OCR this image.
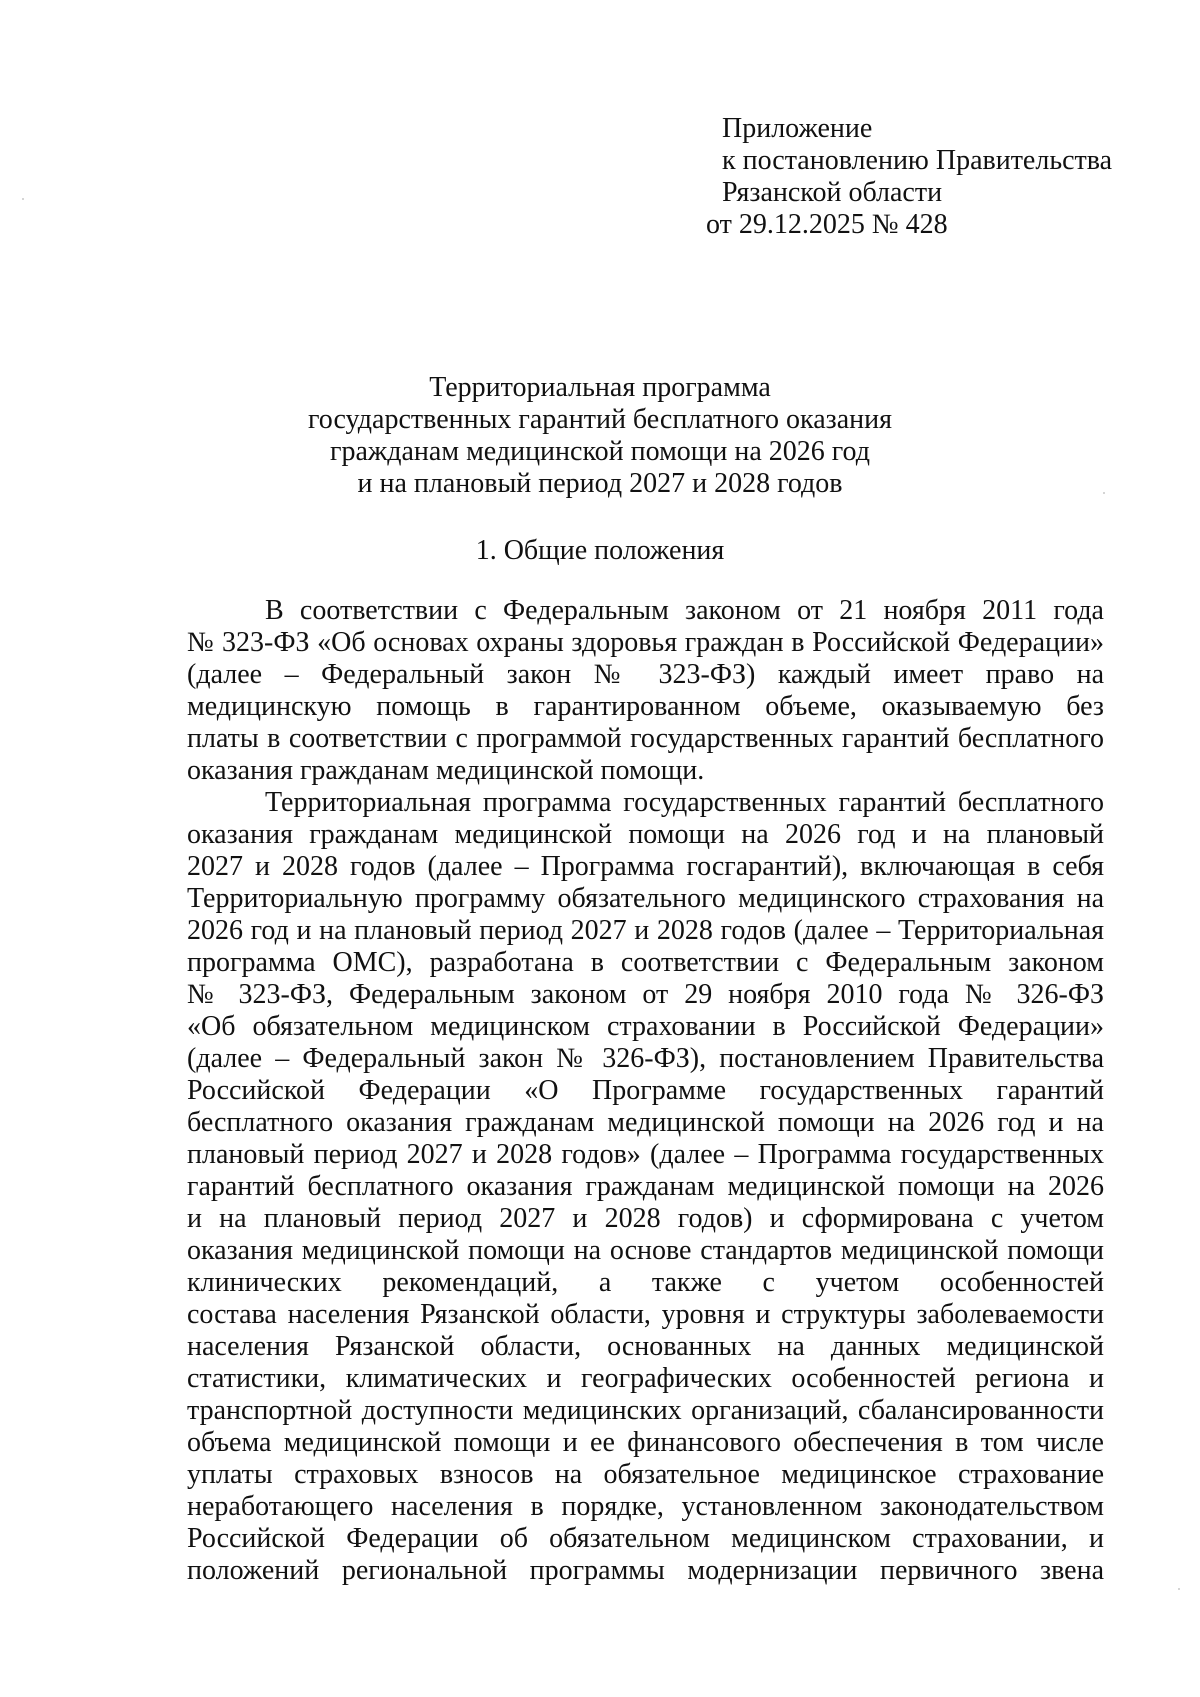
Приложение
к постановлению Правительства
Рязанской области
от 29.12.2025 № 428
Территориальная программа
государственных гарантий бесплатного оказания
гражданам медицинской помощи на 2026 год
и на плановый период 2027 и 2028 годов
1. Общие положения
В соответствии с Федеральным законом от 21 ноября 2011 года
№ 323-ФЗ «Об основах охраны здоровья граждан в Российской Федерации»
(далее – Федеральный закон № 323-ФЗ) каждый имеет право на
медицинскую помощь в гарантированном объеме, оказываемую без
платы в соответствии с программой государственных гарантий бесплатного
оказания гражданам медицинской помощи.
Территориальная программа государственных гарантий бесплатного
оказания гражданам медицинской помощи на 2026 год и на плановый
2027 и 2028 годов (далее – Программа госгарантий), включающая в себя
Территориальную программу обязательного медицинского страхования на
2026 год и на плановый период 2027 и 2028 годов (далее – Территориальная
программа ОМС), разработана в соответствии с Федеральным законом
№ 323-ФЗ, Федеральным законом от 29 ноября 2010 года № 326-ФЗ
«Об обязательном медицинском страховании в Российской Федерации»
(далее – Федеральный закон № 326-ФЗ), постановлением Правительства
Российской Федерации «О Программе государственных гарантий
бесплатного оказания гражданам медицинской помощи на 2026 год и на
плановый период 2027 и 2028 годов» (далее – Программа государственных
гарантий бесплатного оказания гражданам медицинской помощи на 2026
и на плановый период 2027 и 2028 годов) и сформирована с учетом
оказания медицинской помощи на основе стандартов медицинской помощи
клинических рекомендаций, а также с учетом особенностей
состава населения Рязанской области, уровня и структуры заболеваемости
населения Рязанской области, основанных на данных медицинской
статистики, климатических и географических особенностей региона и
транспортной доступности медицинских организаций, сбалансированности
объема медицинской помощи и ее финансового обеспечения в том числе
уплаты страховых взносов на обязательное медицинское страхование
неработающего населения в порядке, установленном законодательством
Российской Федерации об обязательном медицинском страховании, и
положений региональной программы модернизации первичного звена
